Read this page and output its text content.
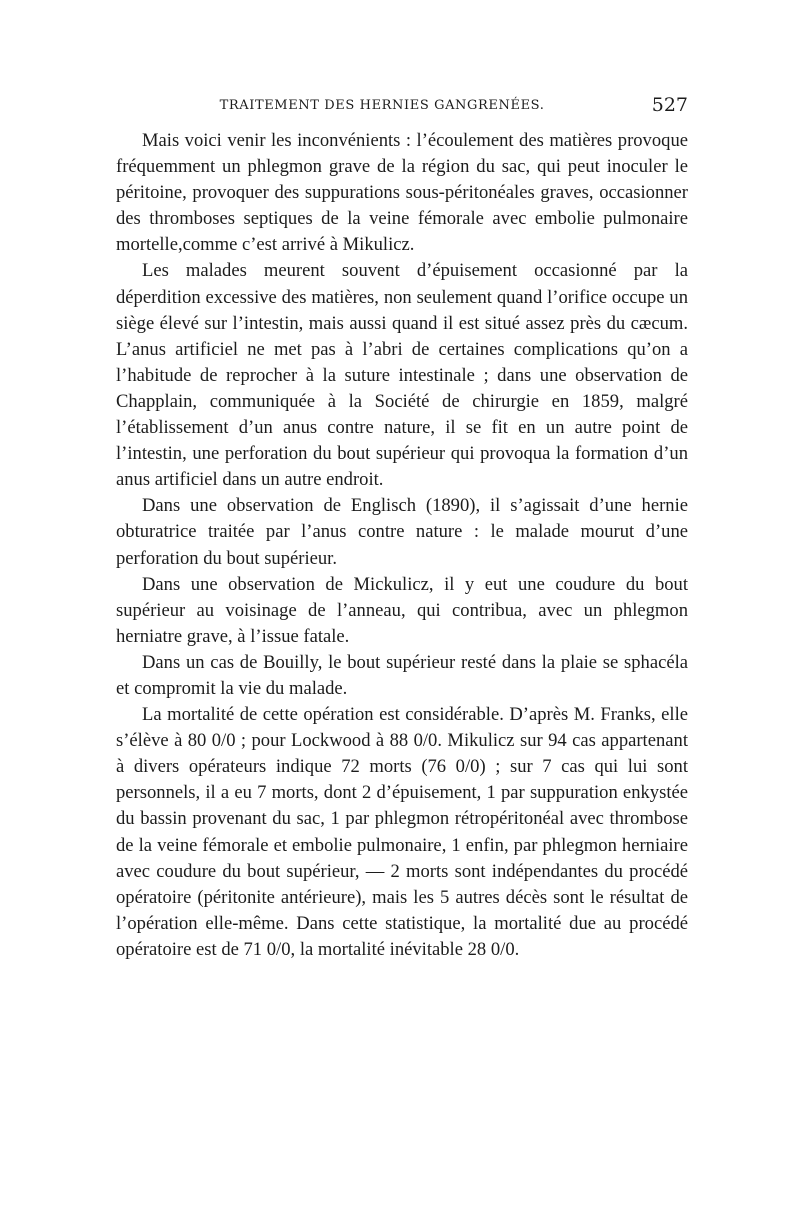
TRAITEMENT DES HERNIES GANGRENÉES.	527

Mais voici venir les inconvénients : l’écoulement des matières provoque fréquemment un phlegmon grave de la région du sac, qui peut inoculer le péritoine, provoquer des suppurations sous-péritonéales graves, occasionner des thromboses septiques de la veine fémorale avec embolie pulmonaire mortelle,comme c’est arrivé à Mikulicz.

Les malades meurent souvent d’épuisement occasionné par la déperdition excessive des matières, non seulement quand l’orifice occupe un siège élevé sur l’intestin, mais aussi quand il est situé assez près du cæcum. L’anus artificiel ne met pas à l’abri de certaines complications qu’on a l’habitude de reprocher à la suture intestinale ; dans une observation de Chapplain, communiquée à la Société de chirurgie en 1859, malgré l’établissement d’un anus contre nature, il se fit en un autre point de l’intestin, une perforation du bout supérieur qui provoqua la formation d’un anus artificiel dans un autre endroit.

Dans une observation de Englisch (1890), il s’agissait d’une hernie obturatrice traitée par l’anus contre nature : le malade mourut d’une perforation du bout supérieur.

Dans une observation de Mickulicz, il y eut une coudure du bout supérieur au voisinage de l’anneau, qui contribua, avec un phlegmon herniatre grave, à l’issue fatale.

Dans un cas de Bouilly, le bout supérieur resté dans la plaie se sphacéla et compromit la vie du malade.

La mortalité de cette opération est considérable. D’après M. Franks, elle s’élève à 80 0/0 ; pour Lockwood à 88 0/0. Mikulicz sur 94 cas appartenant à divers opérateurs indique 72 morts (76 0/0) ; sur 7 cas qui lui sont personnels, il a eu 7 morts, dont 2 d’épuisement, 1 par suppuration enkystée du bassin provenant du sac, 1 par phlegmon rétropéritonéal avec thrombose de la veine fémorale et embolie pulmonaire, 1 enfin, par phlegmon herniaire avec coudure du bout supérieur, — 2 morts sont indépendantes du procédé opératoire (péritonite antérieure), mais les 5 autres décès sont le résultat de l’opération elle-même. Dans cette statistique, la mortalité due au procédé opératoire est de 71 0/0, la mortalité inévitable 28 0/0.
